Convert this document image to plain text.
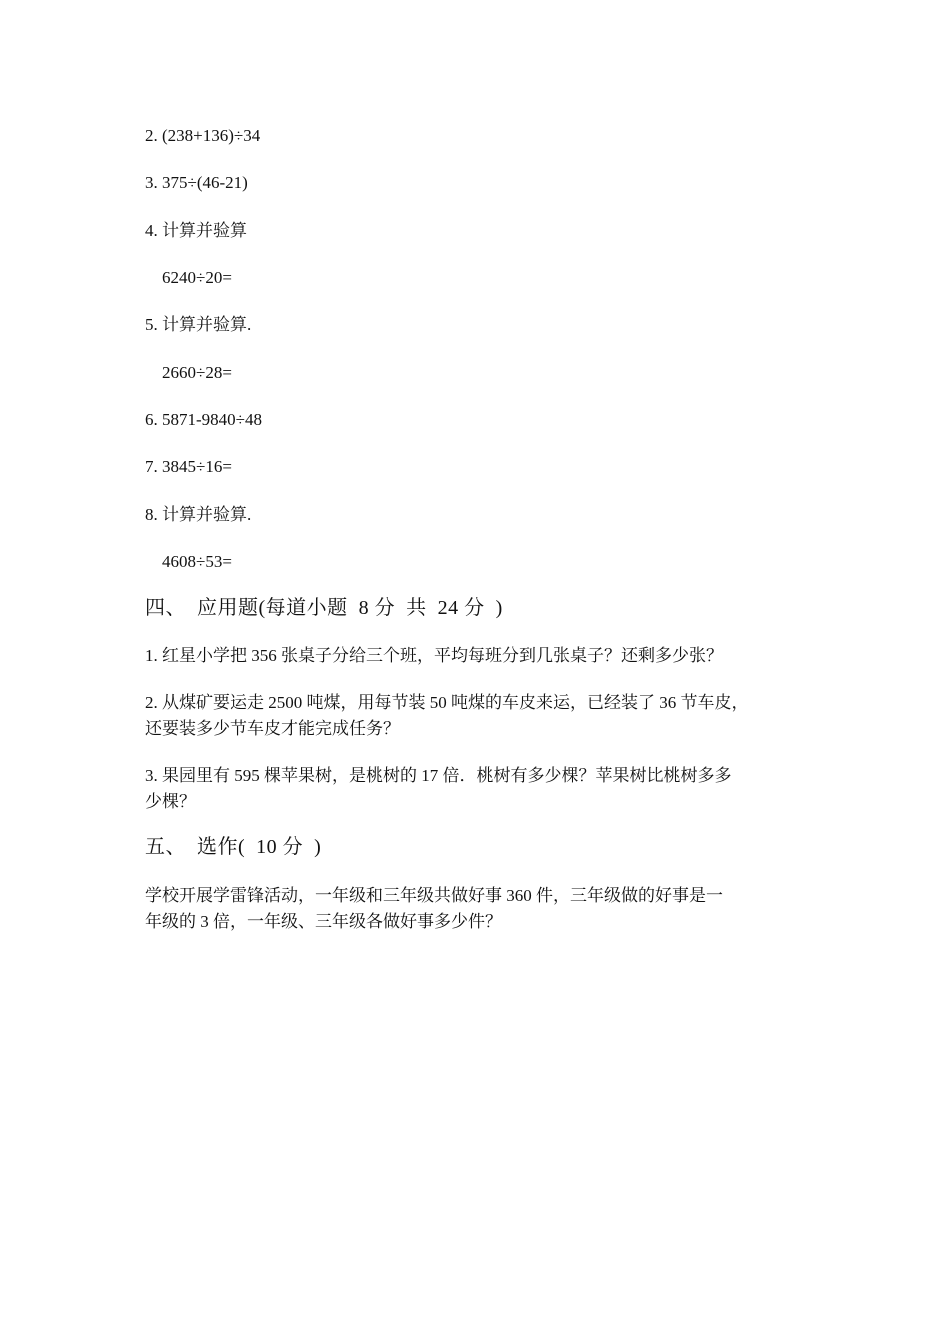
2. (238+136)÷34
3. 375÷(46-21)
4. 计算并验算
6240÷20=
5. 计算并验算.
2660÷28=
6. 5871-9840÷48
7. 3845÷16=
8. 计算并验算.
4608÷53=
四、  应用题(每道小题  8 分  共  24 分  )
1. 红星小学把 356 张桌子分给三个班，平均每班分到几张桌子？还剩多少张？
2. 从煤矿要运走 2500 吨煤，用每节装 50 吨煤的车皮来运，已经装了 36 节车皮，
还要装多少节车皮才能完成任务？
3. 果园里有 595 棵苹果树，是桃树的 17 倍．桃树有多少棵？苹果树比桃树多多
少棵？
五、  选作(  10 分  )
学校开展学雷锋活动，一年级和三年级共做好事 360 件，三年级做的好事是一
年级的 3 倍，一年级、三年级各做好事多少件？
